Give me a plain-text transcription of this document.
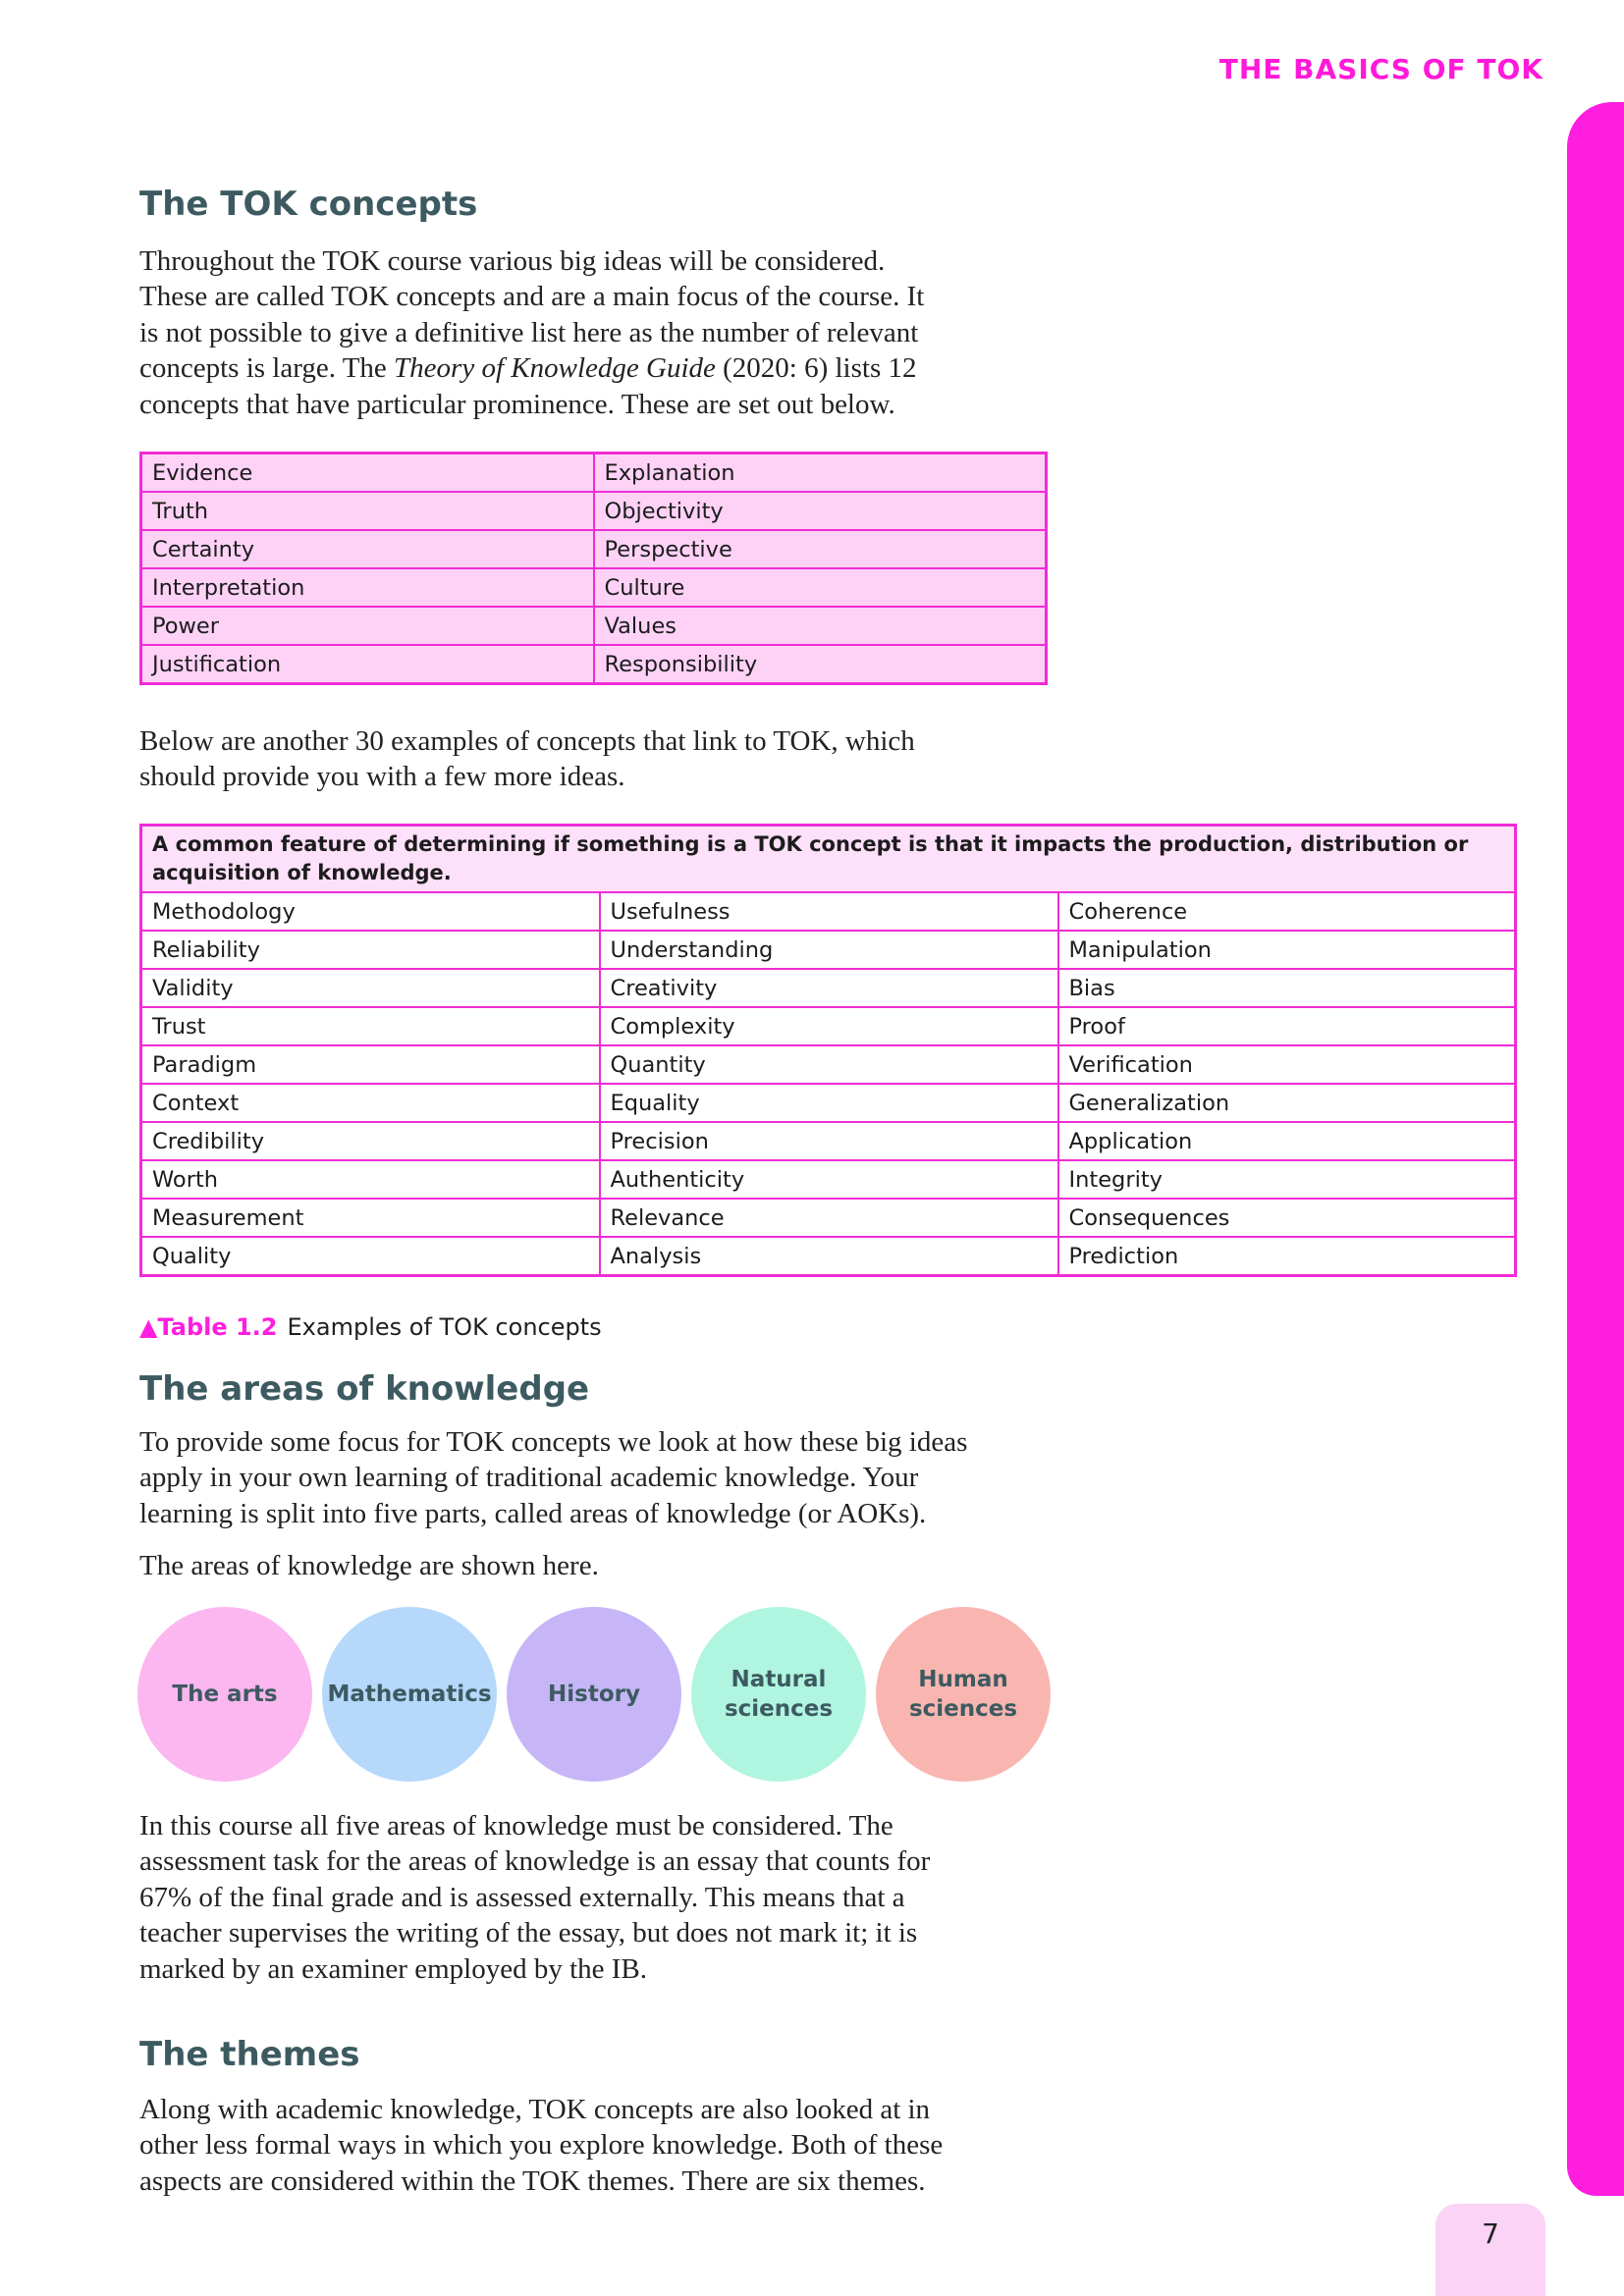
THE BASICS OF TOK
The TOK concepts

Throughout the TOK course various big ideas will be considered.
These are called TOK concepts and are a main focus of the course. It
is not possible to give a definitive list here as the number of relevant
concepts is large. The Theory of Knowledge Guide (2020: 6) lists 12
concepts that have particular prominence. These are set out below.

Evidence	Explanation
Truth	Objectivity
Certainty	Perspective
Interpretation	Culture
Power	Values
Justification	Responsibility

Below are another 30 examples of concepts that link to TOK, which
should provide you with a few more ideas.

A common feature of determining if something is a TOK concept is that it impacts the production, distribution or acquisition of knowledge.		
Methodology	Usefulness	Coherence
Reliability	Understanding	Manipulation
Validity	Creativity	Bias
Trust	Complexity	Proof
Paradigm	Quantity	Verification
Context	Equality	Generalization
Credibility	Precision	Application
Worth	Authenticity	Integrity
Measurement	Relevance	Consequences
Quality	Analysis	Prediction
▲Table 1.2 Examples of TOK concepts
The areas of knowledge

To provide some focus for TOK concepts we look at how these big ideas
apply in your own learning of traditional academic knowledge. Your
learning is split into five parts, called areas of knowledge (or AOKs).

The areas of knowledge are shown here.

The arts	Mathematics	History
Natural sciences
Human sciences

In this course all five areas of knowledge must be considered. The
assessment task for the areas of knowledge is an essay that counts for
67% of the final grade and is assessed externally. This means that a
teacher supervises the writing of the essay, but does not mark it; it is
marked by an examiner employed by the IB.

The themes

Along with academic knowledge, TOK concepts are also looked at in
other less formal ways in which you explore knowledge. Both of these
aspects are considered within the TOK themes. There are six themes.

7
